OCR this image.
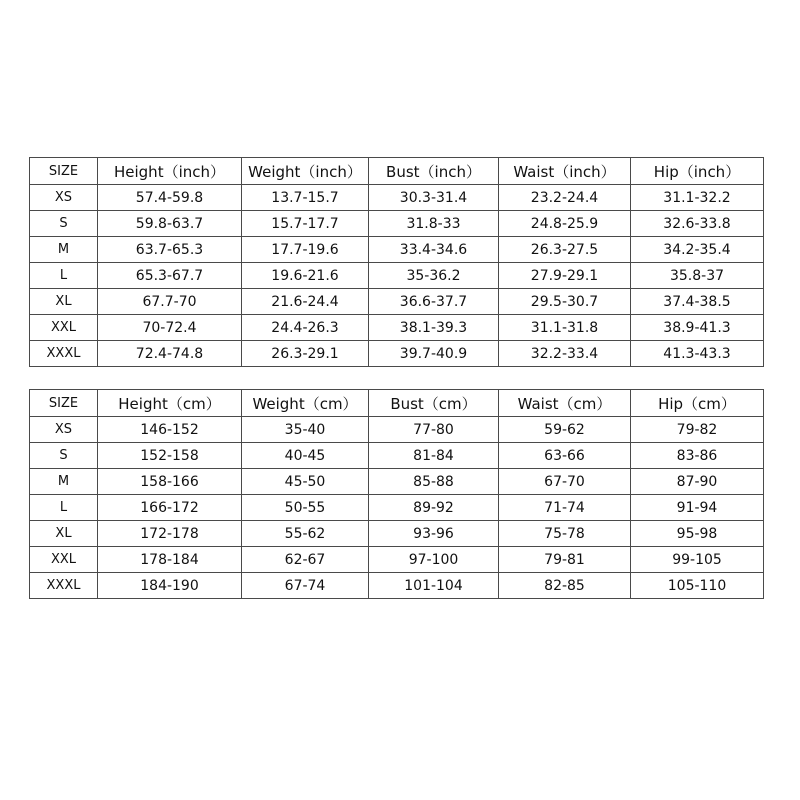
SIZE	Height（inch）	Weight（inch）	Bust（inch）	Waist（inch）	Hip（inch）
XS	57.4-59.8	13.7-15.7	30.3-31.4	23.2-24.4	31.1-32.2
S	59.8-63.7	15.7-17.7	31.8-33	24.8-25.9	32.6-33.8
M	63.7-65.3	17.7-19.6	33.4-34.6	26.3-27.5	34.2-35.4
L	65.3-67.7	19.6-21.6	35-36.2	27.9-29.1	35.8-37
XL	67.7-70	21.6-24.4	36.6-37.7	29.5-30.7	37.4-38.5
XXL	70-72.4	24.4-26.3	38.1-39.3	31.1-31.8	38.9-41.3
XXXL	72.4-74.8	26.3-29.1	39.7-40.9	32.2-33.4	41.3-43.3
SIZE	Height（cm）	Weight（cm）	Bust（cm）	Waist（cm）	Hip（cm）
XS	146-152	35-40	77-80	59-62	79-82
S	152-158	40-45	81-84	63-66	83-86
M	158-166	45-50	85-88	67-70	87-90
L	166-172	50-55	89-92	71-74	91-94
XL	172-178	55-62	93-96	75-78	95-98
XXL	178-184	62-67	97-100	79-81	99-105
XXXL	184-190	67-74	101-104	82-85	105-110
